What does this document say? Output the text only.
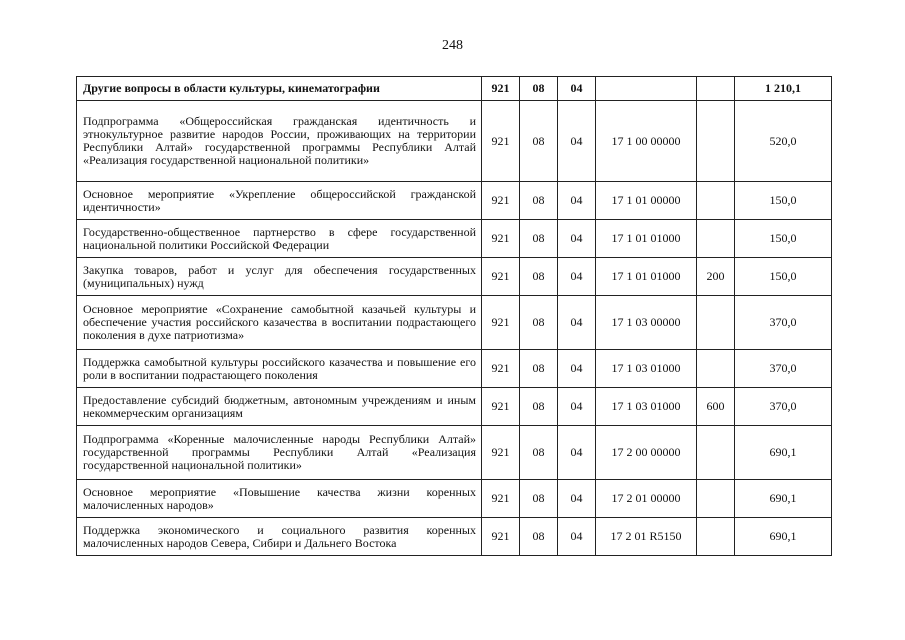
248
Другие вопросы в области культуры, кинематографии	921	08	04			1 210,1
Подпрограмма «Общероссийская гражданская идентичность и этнокультурное развитие народов России, проживающих на территории Республики Алтай» государственной программы Республики Алтай «Реализация государственной национальной политики»	921	08	04	17 1 00 00000		520,0
Основное мероприятие «Укрепление общероссийской гражданской идентичности»	921	08	04	17 1 01 00000		150,0
Государственно-общественное партнерство в сфере государственной национальной политики Российской Федерации	921	08	04	17 1 01 01000		150,0
Закупка товаров, работ и услуг для обеспечения государственных (муниципальных) нужд	921	08	04	17 1 01 01000	200	150,0
Основное мероприятие «Сохранение самобытной казачьей культуры и обеспечение участия российского казачества в воспитании подрастающего поколения в духе патриотизма»	921	08	04	17 1 03 00000		370,0
Поддержка самобытной культуры российского казачества и повышение его роли в воспитании подрастающего поколения	921	08	04	17 1 03 01000		370,0
Предоставление субсидий бюджетным, автономным учреждениям и иным некоммерческим организациям	921	08	04	17 1 03 01000	600	370,0
Подпрограмма «Коренные малочисленные народы Республики Алтай» государственной программы Республики Алтай «Реализация государственной национальной политики»	921	08	04	17 2 00 00000		690,1
Основное мероприятие «Повышение качества жизни коренных малочисленных народов»	921	08	04	17 2 01 00000		690,1
Поддержка экономического и социального развития коренных малочисленных народов Севера, Сибири и Дальнего Востока	921	08	04	17 2 01 R5150		690,1
